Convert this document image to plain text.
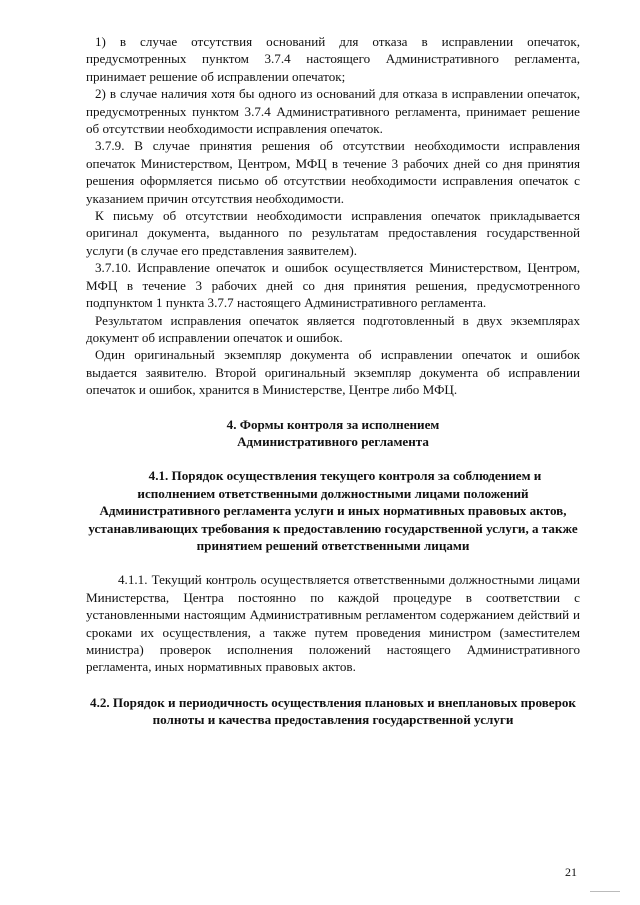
1) в случае отсутствия оснований для отказа в исправлении опечаток, предусмотренных пунктом 3.7.4 настоящего Административного регламента, принимает решение об исправлении опечаток;

2) в случае наличия хотя бы одного из оснований для отказа в исправлении опечаток, предусмотренных пунктом 3.7.4 Административного регламента, принимает решение об отсутствии необходимости исправления опечаток.

3.7.9. В случае принятия решения об отсутствии необходимости исправления опечаток Министерством, Центром, МФЦ в течение 3 рабочих дней со дня принятия решения оформляется письмо об отсутствии необходимости исправления опечаток с указанием причин отсутствия необходимости.

К письму об отсутствии необходимости исправления опечаток прикладывается оригинал документа, выданного по результатам предоставления государственной услуги (в случае его представления заявителем).

3.7.10. Исправление опечаток и ошибок осуществляется Министерством, Центром, МФЦ в течение 3 рабочих дней со дня принятия решения, предусмотренного подпунктом 1 пункта 3.7.7 настоящего Административного регламента.

Результатом исправления опечаток является подготовленный в двух экземплярах документ об исправлении опечаток и ошибок.

Один оригинальный экземпляр документа об исправлении опечаток и ошибок выдается заявителю. Второй оригинальный экземпляр документа об исправлении опечаток и ошибок, хранится в Министерстве, Центре либо МФЦ.

4. Формы контроля за исполнением
Административного регламента
4.1. Порядок осуществления текущего контроля за соблюдением и исполнением ответственными должностными лицами положений Административного регламента услуги и иных нормативных правовых актов, устанавливающих требования к предоставлению государственной услуги, а также принятием решений ответственными лицами

4.1.1. Текущий контроль осуществляется ответственными должностными лицами Министерства, Центра постоянно по каждой процедуре в соответствии с установленными настоящим Административным регламентом содержанием действий и сроками их осуществления, а также путем проведения министром (заместителем министра) проверок исполнения положений настоящего Административного регламента, иных нормативных правовых актов.

4.2. Порядок и периодичность осуществления плановых и внеплановых проверок полноты и качества предоставления государственной услуги
21
